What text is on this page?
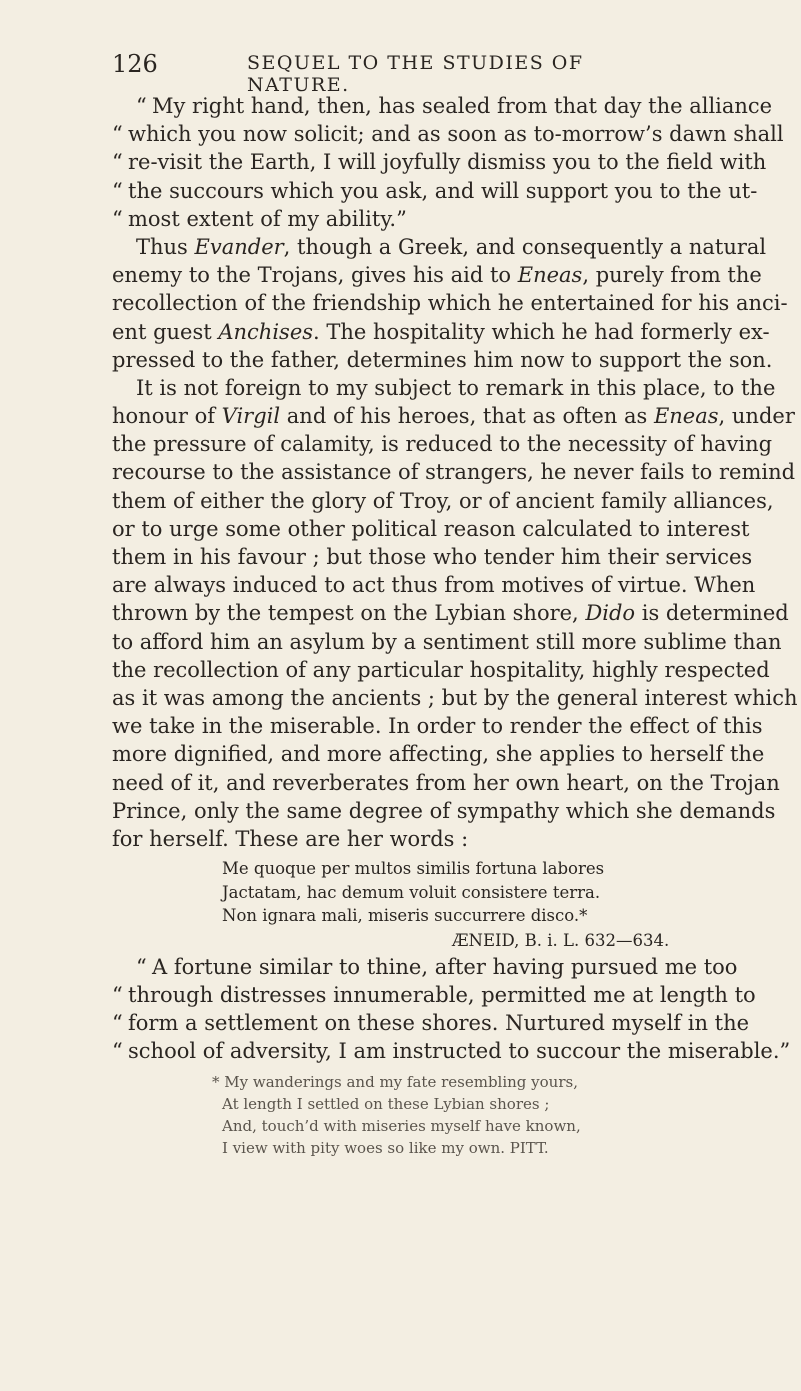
126	SEQUEL TO THE STUDIES OF NATURE.
“ My right hand, then, has sealed from that day the alliance
“ which you now solicit; and as soon as to-morrow’s dawn shall
“ re-visit the Earth, I will joyfully dismiss you to the field with
“ the succours which you ask, and will support you to the ut-
“ most extent of my ability.”
Thus Evander, though a Greek, and consequently a natural
enemy to the Trojans, gives his aid to Eneas, purely from the
recollection of the friendship which he entertained for his anci-
ent guest Anchises. The hospitality which he had formerly ex-
pressed to the father, determines him now to support the son.
It is not foreign to my subject to remark in this place, to the
honour of Virgil and of his heroes, that as often as Eneas, under
the pressure of calamity, is reduced to the necessity of having
recourse to the assistance of strangers, he never fails to remind
them of either the glory of Troy, or of ancient family alliances,
or to urge some other political reason calculated to interest
them in his favour ; but those who tender him their services
are always induced to act thus from motives of virtue. When
thrown by the tempest on the Lybian shore, Dido is determined
to afford him an asylum by a sentiment still more sublime than
the recollection of any particular hospitality, highly respected
as it was among the ancients ; but by the general interest which
we take in the miserable. In order to render the effect of this
more dignified, and more affecting, she applies to herself the
need of it, and reverberates from her own heart, on the Trojan
Prince, only the same degree of sympathy which she demands
for herself. These are her words :
Me quoque per multos similis fortuna labores
Jactatam, hac demum voluit consistere terra.
Non ignara mali, miseris succurrere disco.*
ÆNEID, B. i. L. 632—634.
“ A fortune similar to thine, after having pursued me too
“ through distresses innumerable, permitted me at length to
“ form a settlement on these shores. Nurtured myself in the
“ school of adversity, I am instructed to succour the miserable.”
* My wanderings and my fate resembling yours,
At length I settled on these Lybian shores ;
And, touch’d with miseries myself have known,
I view with pity woes so like my own. PITT.
